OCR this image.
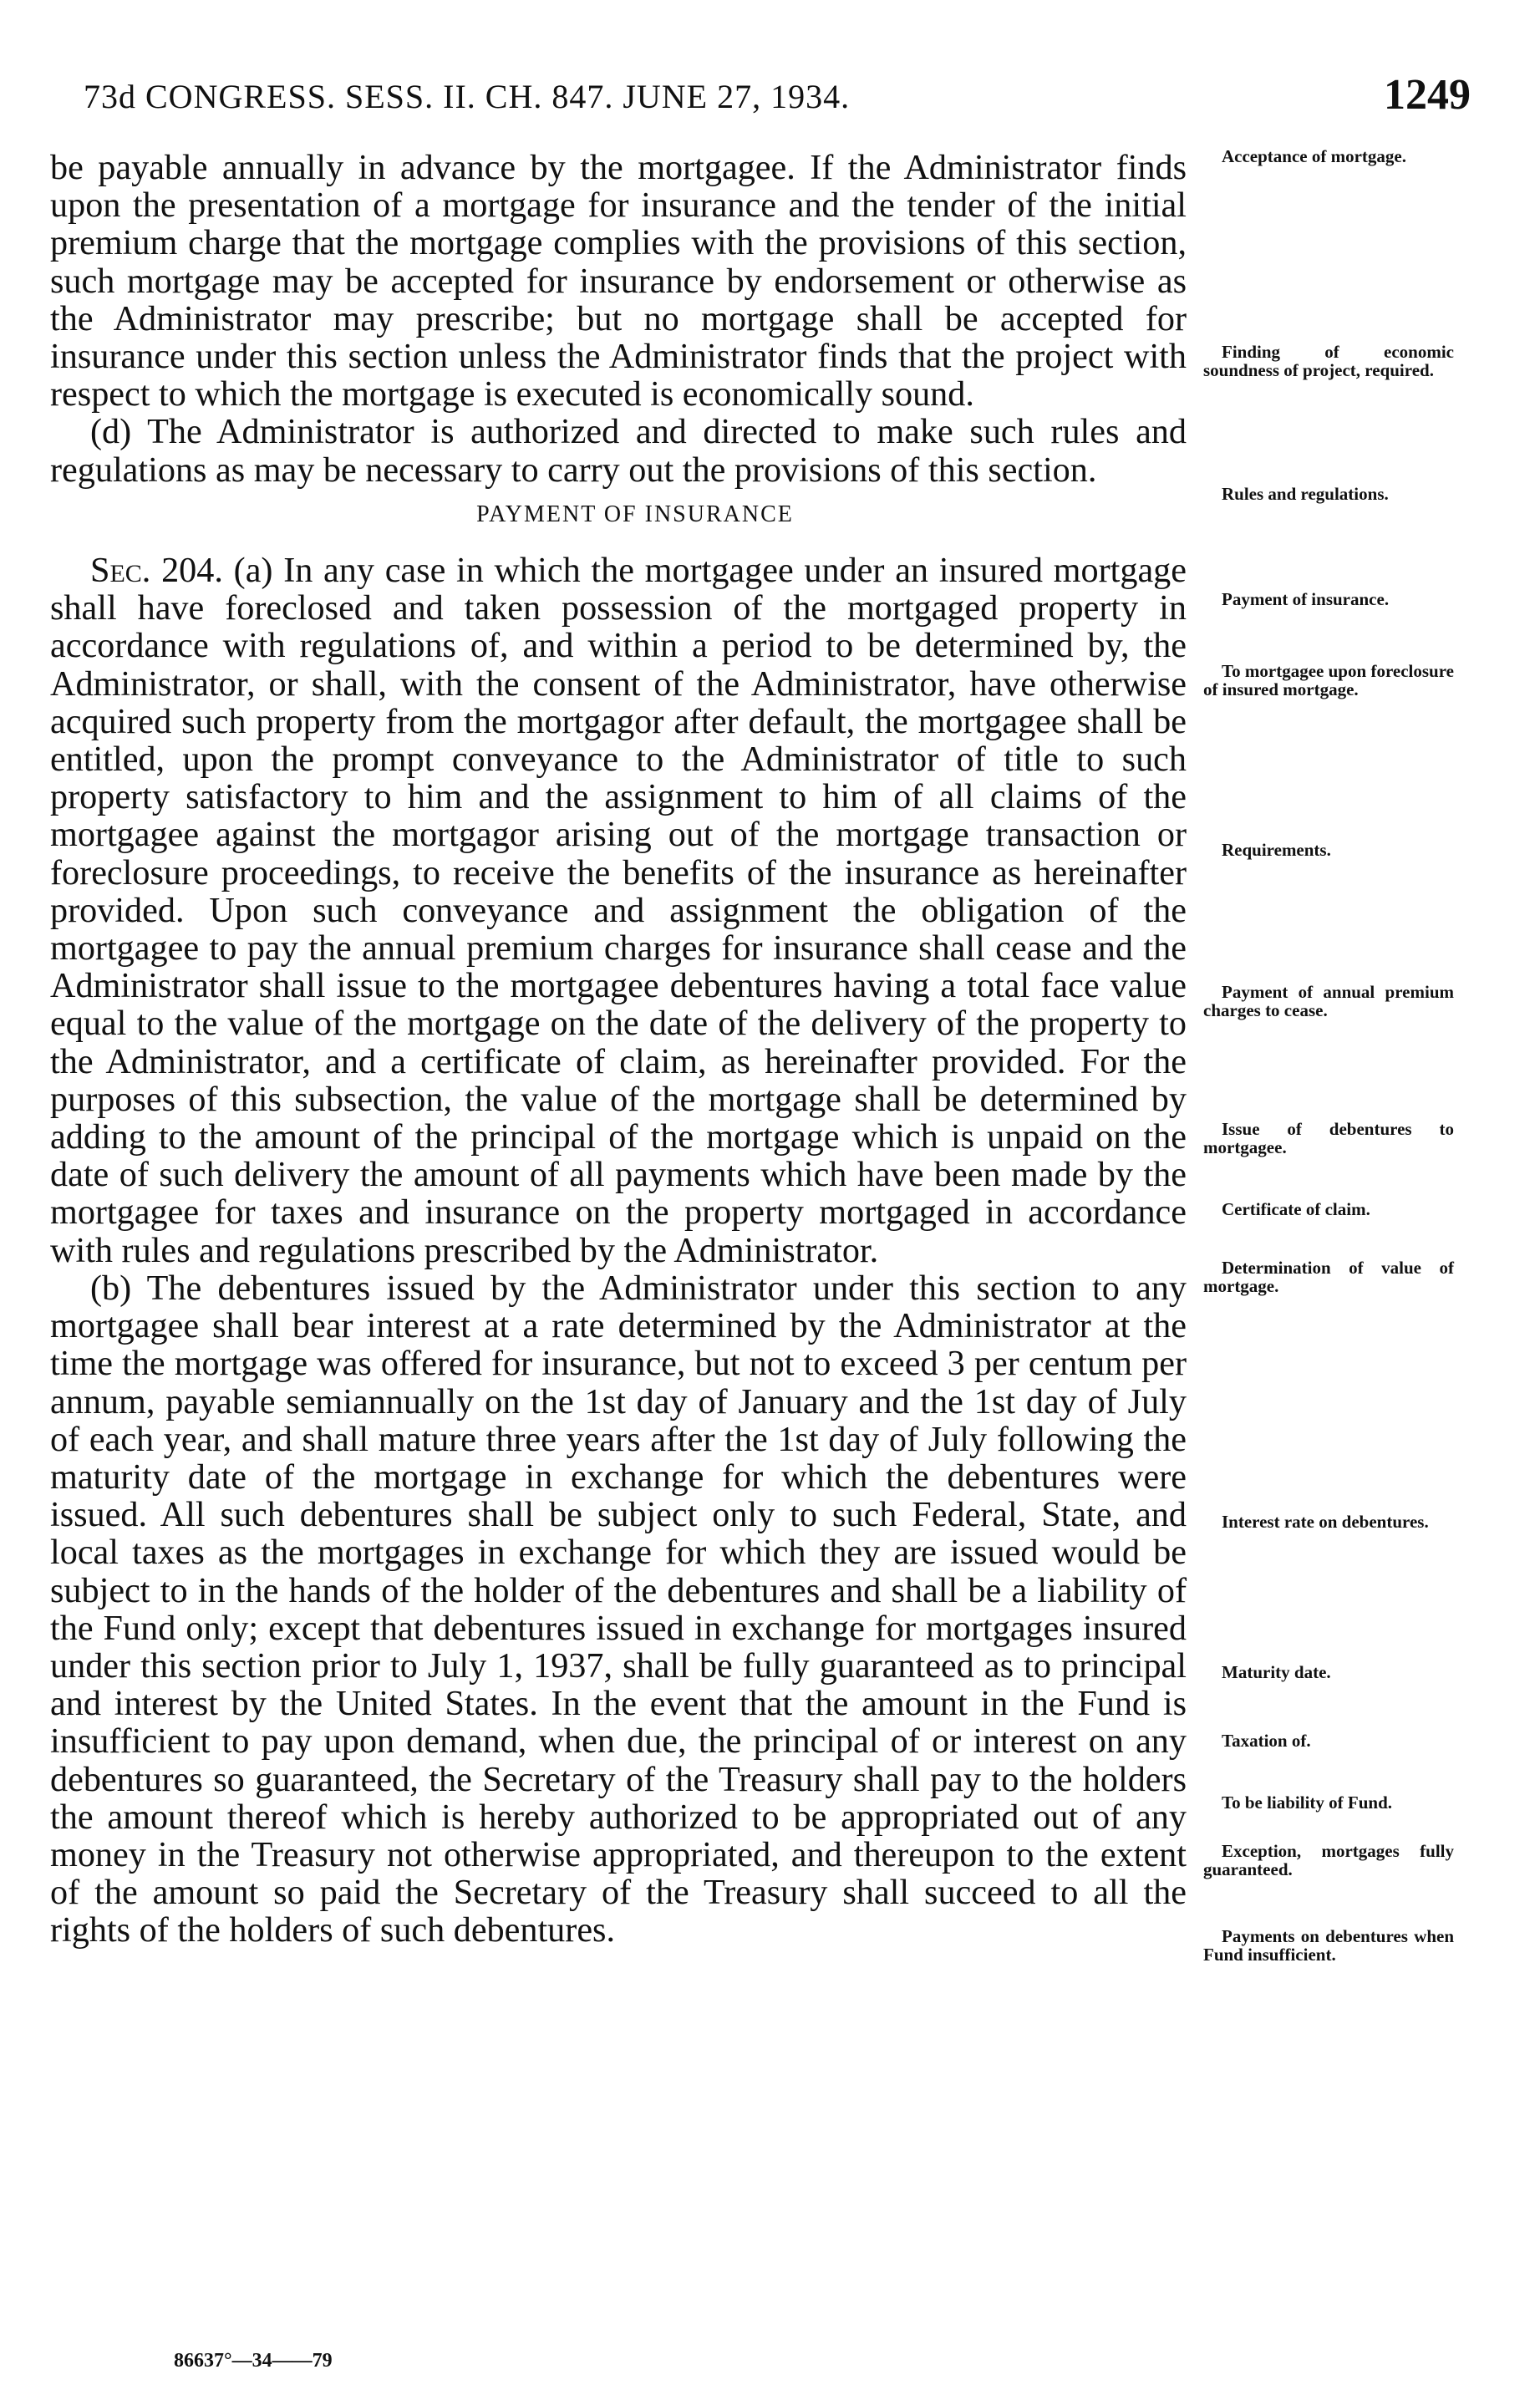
73d CONGRESS. SESS. II. CH. 847. JUNE 27, 1934.	1249

be payable annually in advance by the mortgagee. If the Administrator finds upon the presentation of a mortgage for insurance and the tender of the initial premium charge that the mortgage complies with the provisions of this section, such mortgage may be accepted for insurance by endorsement or otherwise as the Administrator may prescribe; but no mortgage shall be accepted for insurance under this section unless the Administrator finds that the project with respect to which the mortgage is executed is economically sound.

(d) The Administrator is authorized and directed to make such rules and regulations as may be necessary to carry out the provisions of this section.

PAYMENT OF INSURANCE

Sec. 204. (a) In any case in which the mortgagee under an insured mortgage shall have foreclosed and taken possession of the mortgaged property in accordance with regulations of, and within a period to be determined by, the Administrator, or shall, with the consent of the Administrator, have otherwise acquired such property from the mortgagor after default, the mortgagee shall be entitled, upon the prompt conveyance to the Administrator of title to such property satisfactory to him and the assignment to him of all claims of the mortgagee against the mortgagor arising out of the mortgage transaction or foreclosure proceedings, to receive the benefits of the insurance as hereinafter provided. Upon such conveyance and assignment the obligation of the mortgagee to pay the annual premium charges for insurance shall cease and the Administrator shall issue to the mortgagee debentures having a total face value equal to the value of the mortgage on the date of the delivery of the property to the Administrator, and a certificate of claim, as hereinafter provided. For the purposes of this subsection, the value of the mortgage shall be determined by adding to the amount of the principal of the mortgage which is unpaid on the date of such delivery the amount of all payments which have been made by the mortgagee for taxes and insurance on the property mortgaged in accordance with rules and regulations prescribed by the Administrator.

(b) The debentures issued by the Administrator under this section to any mortgagee shall bear interest at a rate determined by the Administrator at the time the mortgage was offered for insurance, but not to exceed 3 per centum per annum, payable semiannually on the 1st day of January and the 1st day of July of each year, and shall mature three years after the 1st day of July following the maturity date of the mortgage in exchange for which the debentures were issued. All such debentures shall be subject only to such Federal, State, and local taxes as the mortgages in exchange for which they are issued would be subject to in the hands of the holder of the debentures and shall be a liability of the Fund only; except that debentures issued in exchange for mortgages insured under this section prior to July 1, 1937, shall be fully guaranteed as to principal and interest by the United States. In the event that the amount in the Fund is insufficient to pay upon demand, when due, the principal of or interest on any debentures so guaranteed, the Secretary of the Treasury shall pay to the holders the amount thereof which is hereby authorized to be appropriated out of any money in the Treasury not otherwise appropriated, and thereupon to the extent of the amount so paid the Secretary of the Treasury shall succeed to all the rights of the holders of such debentures.

Acceptance of mortgage.
Finding of economic soundness of project, required.
Rules and regulations.
Payment of insurance.
To mortgagee upon foreclosure of insured mortgage.
Requirements.
Payment of annual premium charges to cease.
Issue of debentures to mortgagee.
Certificate of claim.
Determination of value of mortgage.
Interest rate on debentures.
Maturity date.
Taxation of.
To be liability of Fund.
Exception, mortgages fully guaranteed.
Payments on debentures when Fund insufficient.
86637°—34——79
